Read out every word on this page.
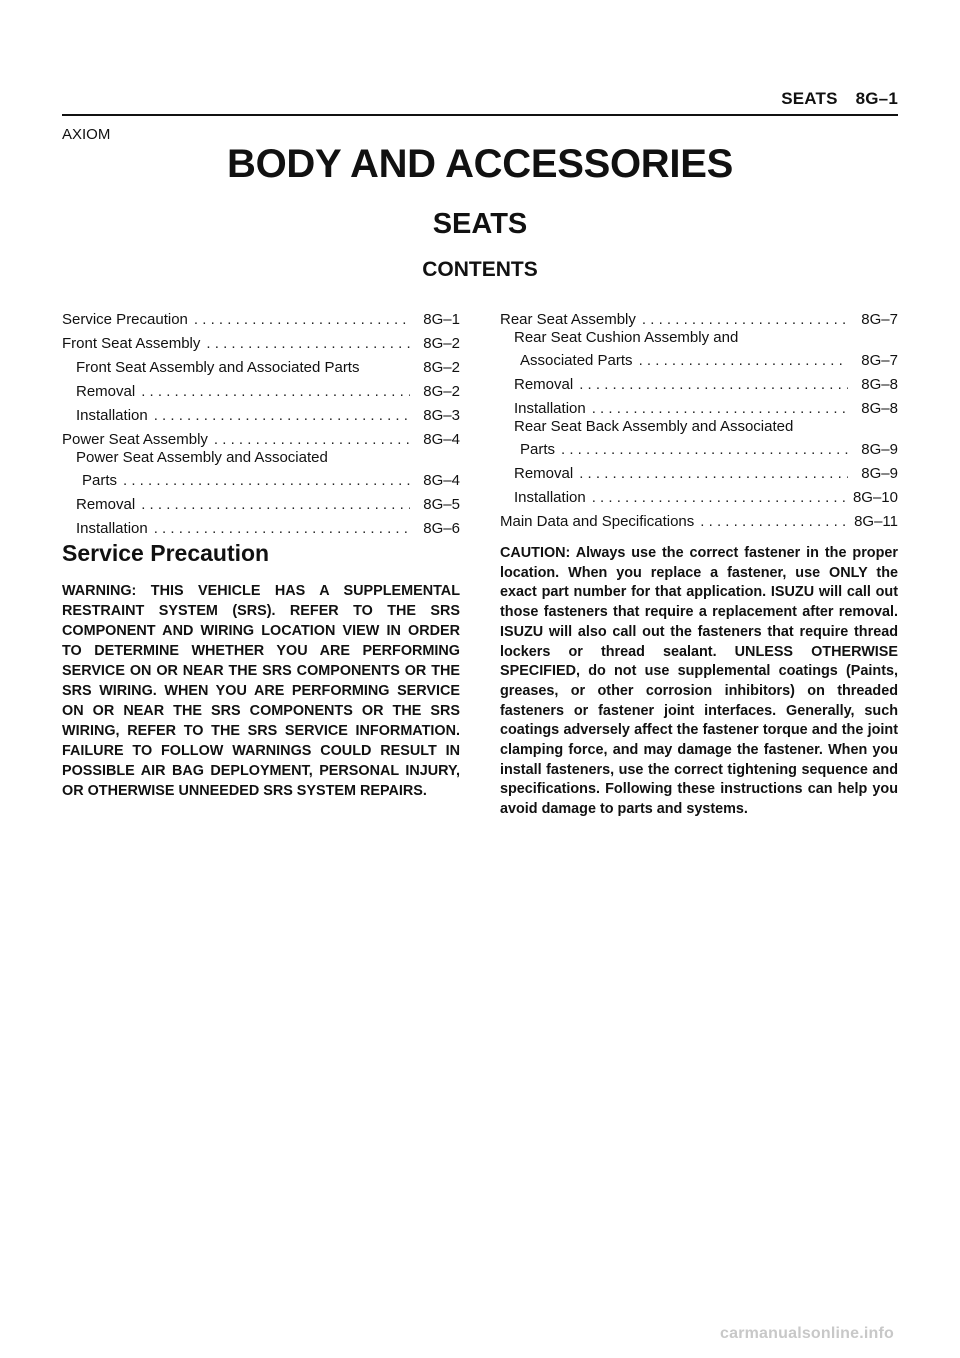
SEATS 8G–1
AXIOM
BODY AND ACCESSORIES
SEATS
CONTENTS
Service Precaution . . .	8G–1
Front Seat Assembly . . .	8G–2
Front Seat Assembly and Associated Parts	8G–2
Removal . . .	8G–2
Installation . . .	8G–3
Power Seat Assembly . . .	8G–4
Power Seat Assembly and Associated
Parts . . .	8G–4
Removal . . .	8G–5
Installation . . .	8G–6
Rear Seat Assembly . . .	8G–7
Rear Seat Cushion Assembly and
Associated Parts . . .	8G–7
Removal . . .	8G–8
Installation . . .	8G–8
Rear Seat Back Assembly and Associated
Parts . . .	8G–9
Removal . . .	8G–9
Installation . . .	8G–10
Main Data and Specifications . . .	8G–11
Service Precaution
WARNING: THIS VEHICLE HAS A SUPPLEMENTAL RESTRAINT SYSTEM (SRS). REFER TO THE SRS COMPONENT AND WIRING LOCATION VIEW IN ORDER TO DETERMINE WHETHER YOU ARE PERFORMING SERVICE ON OR NEAR THE SRS COMPONENTS OR THE SRS WIRING. WHEN YOU ARE PERFORMING SERVICE ON OR NEAR THE SRS COMPONENTS OR THE SRS WIRING, REFER TO THE SRS SERVICE INFORMATION. FAILURE TO FOLLOW WARNINGS COULD RESULT IN POSSIBLE AIR BAG DEPLOYMENT, PERSONAL INJURY, OR OTHERWISE UNNEEDED SRS SYSTEM REPAIRS.
CAUTION: Always use the correct fastener in the proper location. When you replace a fastener, use ONLY the exact part number for that application. ISUZU will call out those fasteners that require a replacement after removal. ISUZU will also call out the fasteners that require thread lockers or thread sealant. UNLESS OTHERWISE SPECIFIED, do not use supplemental coatings (Paints, greases, or other corrosion inhibitors) on threaded fasteners or fastener joint interfaces. Generally, such coatings adversely affect the fastener torque and the joint clamping force, and may damage the fastener. When you install fasteners, use the correct tightening sequence and specifications. Following these instructions can help you avoid damage to parts and systems.
carmanualsonline.info
